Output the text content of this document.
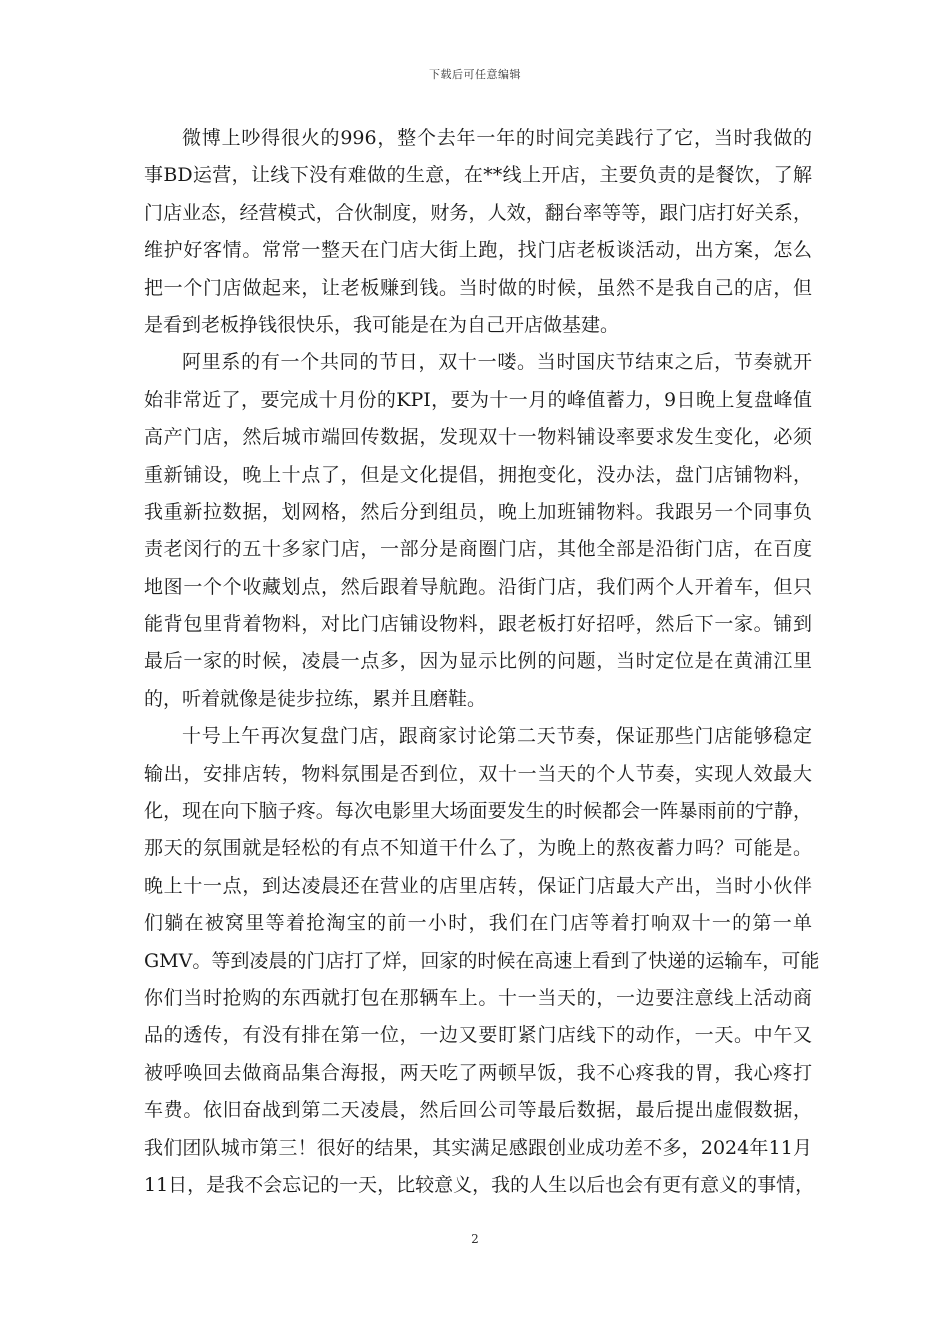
下载后可任意编辑
微博上吵得很火的996，整个去年一年的时间完美践行了它，当时我做的
事BD运营，让线下没有难做的生意，在**线上开店，主要负责的是餐饮，了解
门店业态，经营模式，合伙制度，财务，人效，翻台率等等，跟门店打好关系，
维护好客情。常常一整天在门店大街上跑，找门店老板谈活动，出方案，怎么
把一个门店做起来，让老板赚到钱。当时做的时候，虽然不是我自己的店，但
是看到老板挣钱很快乐，我可能是在为自己开店做基建。
阿里系的有一个共同的节日，双十一喽。当时国庆节结束之后，节奏就开
始非常近了，要完成十月份的KPI，要为十一月的峰值蓄力，9日晚上复盘峰值
高产门店，然后城市端回传数据，发现双十一物料铺设率要求发生变化，必须
重新铺设，晚上十点了，但是文化提倡，拥抱变化，没办法，盘门店铺物料，
我重新拉数据，划网格，然后分到组员，晚上加班铺物料。我跟另一个同事负
责老闵行的五十多家门店，一部分是商圈门店，其他全部是沿街门店，在百度
地图一个个收藏划点，然后跟着导航跑。沿街门店，我们两个人开着车，但只
能背包里背着物料，对比门店铺设物料，跟老板打好招呼，然后下一家。铺到
最后一家的时候，凌晨一点多，因为显示比例的问题，当时定位是在黄浦江里
的，听着就像是徒步拉练，累并且磨鞋。
十号上午再次复盘门店，跟商家讨论第二天节奏，保证那些门店能够稳定
输出，安排店转，物料氛围是否到位，双十一当天的个人节奏，实现人效最大
化，现在向下脑子疼。每次电影里大场面要发生的时候都会一阵暴雨前的宁静，
那天的氛围就是轻松的有点不知道干什么了，为晚上的熬夜蓄力吗？可能是。
晚上十一点，到达凌晨还在营业的店里店转，保证门店最大产出，当时小伙伴
们躺在被窝里等着抢淘宝的前一小时，我们在门店等着打响双十一的第一单
GMV。等到凌晨的门店打了烊，回家的时候在高速上看到了快递的运输车，可能
你们当时抢购的东西就打包在那辆车上。十一当天的，一边要注意线上活动商
品的透传，有没有排在第一位，一边又要盯紧门店线下的动作，一天。中午又
被呼唤回去做商品集合海报，两天吃了两顿早饭，我不心疼我的胃，我心疼打
车费。依旧奋战到第二天凌晨，然后回公司等最后数据，最后提出虚假数据，
我们团队城市第三！很好的结果，其实满足感跟创业成功差不多，2024年11月
11日，是我不会忘记的一天，比较意义，我的人生以后也会有更有意义的事情，
2
